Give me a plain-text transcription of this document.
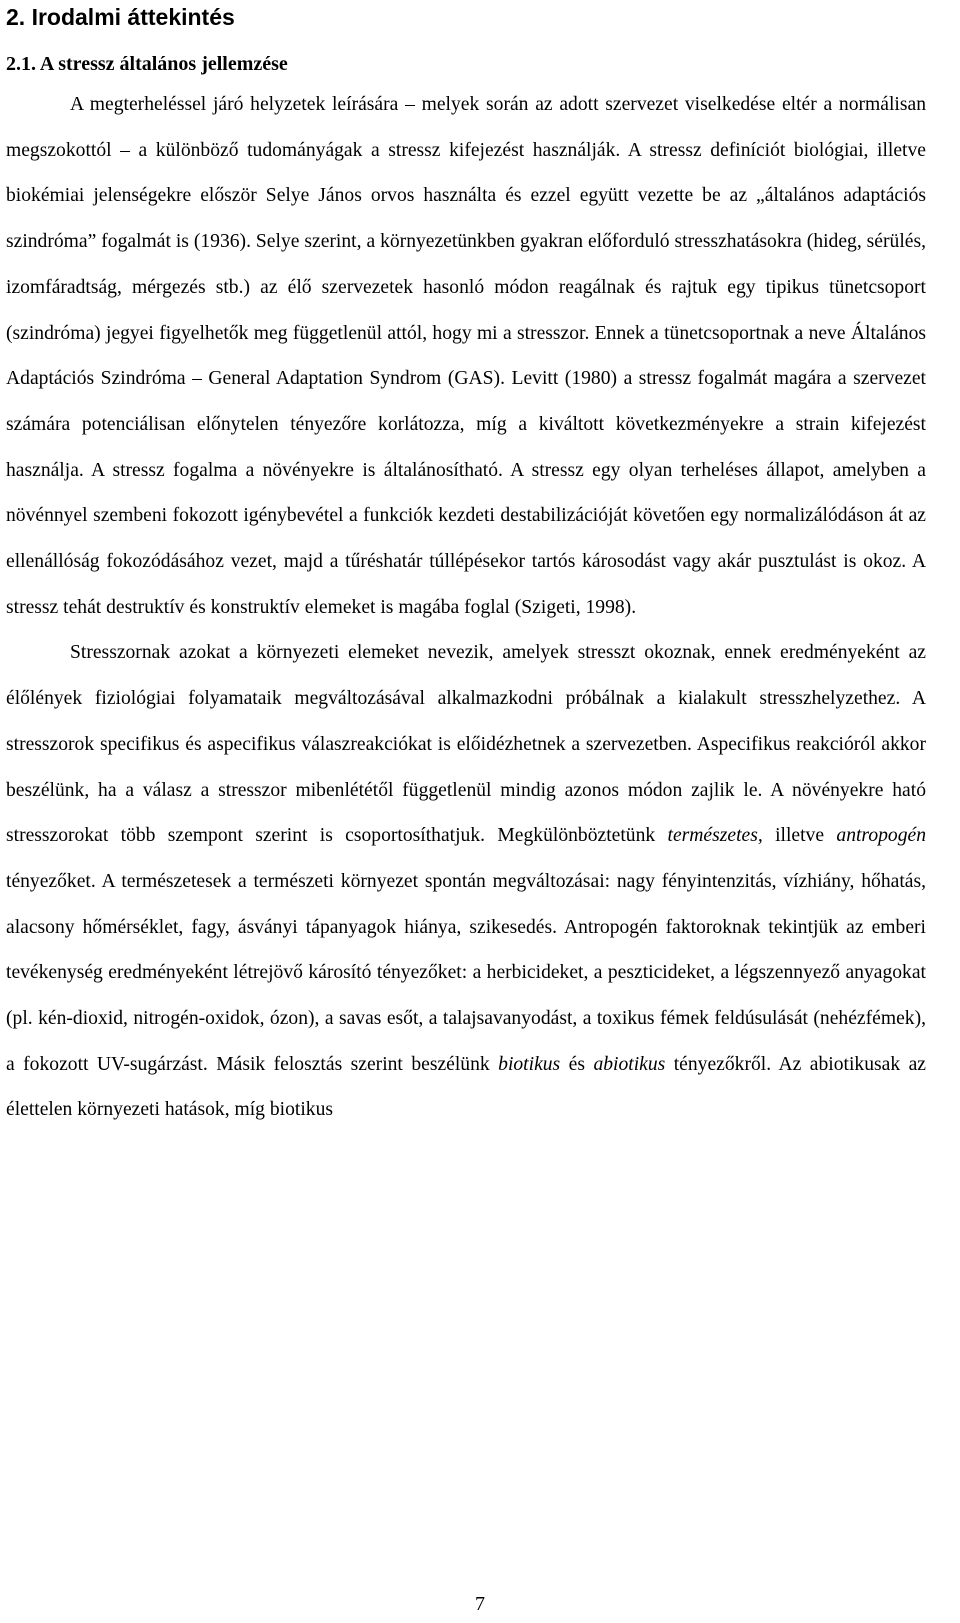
2. Irodalmi áttekintés
2.1. A stressz általános jellemzése

A megterheléssel járó helyzetek leírására – melyek során az adott szervezet viselkedése eltér a normálisan megszokottól – a különböző tudományágak a stressz kifejezést használják. A stressz definíciót biológiai, illetve biokémiai jelenségekre először Selye János orvos használta és ezzel együtt vezette be az „általános adaptációs szindróma” fogalmát is (1936). Selye szerint, a környezetünkben gyakran előforduló stresszhatásokra (hideg, sérülés, izomfáradtság, mérgezés stb.) az élő szervezetek hasonló módon reagálnak és rajtuk egy tipikus tünetcsoport (szindróma) jegyei figyelhetők meg függetlenül attól, hogy mi a stresszor. Ennek a tünetcsoportnak a neve Általános Adaptációs Szindróma – General Adaptation Syndrom (GAS). Levitt (1980) a stressz fogalmát magára a szervezet számára potenciálisan előnytelen tényezőre korlátozza, míg a kiváltott következményekre a strain kifejezést használja. A stressz fogalma a növényekre is általánosítható. A stressz egy olyan terheléses állapot, amelyben a növénnyel szembeni fokozott igénybevétel a funkciók kezdeti destabilizációját követően egy normalizálódáson át az ellenállóság fokozódásához vezet, majd a tűréshatár túllépésekor tartós károsodást vagy akár pusztulást is okoz. A stressz tehát destruktív és konstruktív elemeket is magába foglal (Szigeti, 1998).

Stresszornak azokat a környezeti elemeket nevezik, amelyek stresszt okoznak, ennek eredményeként az élőlények fiziológiai folyamataik megváltozásával alkalmazkodni próbálnak a kialakult stresszhelyzethez. A stresszorok specifikus és aspecifikus válaszreakciókat is előidézhetnek a szervezetben. Aspecifikus reakcióról akkor beszélünk, ha a válasz a stresszor mibenlététől függetlenül mindig azonos módon zajlik le. A növényekre ható stresszorokat több szempont szerint is csoportosíthatjuk. Megkülönböztetünk természetes, illetve antropogén tényezőket. A természetesek a természeti környezet spontán megváltozásai: nagy fényintenzitás, vízhiány, hőhatás, alacsony hőmérséklet, fagy, ásványi tápanyagok hiánya, szikesedés. Antropogén faktoroknak tekintjük az emberi tevékenység eredményeként létrejövő károsító tényezőket: a herbicideket, a peszticideket, a légszennyező anyagokat (pl. kén-dioxid, nitrogén-oxidok, ózon), a savas esőt, a talajsavanyodást, a toxikus fémek feldúsulását (nehézfémek), a fokozott UV-sugárzást. Másik felosztás szerint beszélünk biotikus és abiotikus tényezőkről. Az abiotikusak az élettelen környezeti hatások, míg biotikus

7
